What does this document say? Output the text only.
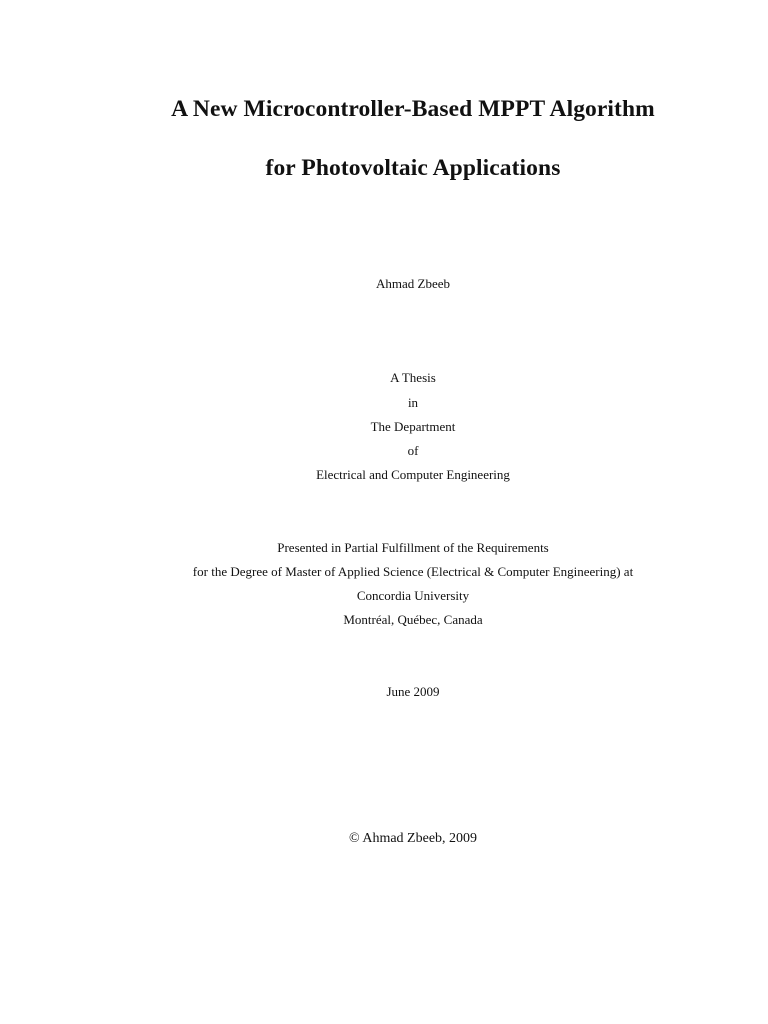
A New Microcontroller-Based MPPT Algorithm
for Photovoltaic Applications
Ahmad Zbeeb
A Thesis
in
The Department
of
Electrical and Computer Engineering
Presented in Partial Fulfillment of the Requirements
for the Degree of Master of Applied Science (Electrical & Computer Engineering) at
Concordia University
Montréal, Québec, Canada
June 2009
© Ahmad Zbeeb, 2009
